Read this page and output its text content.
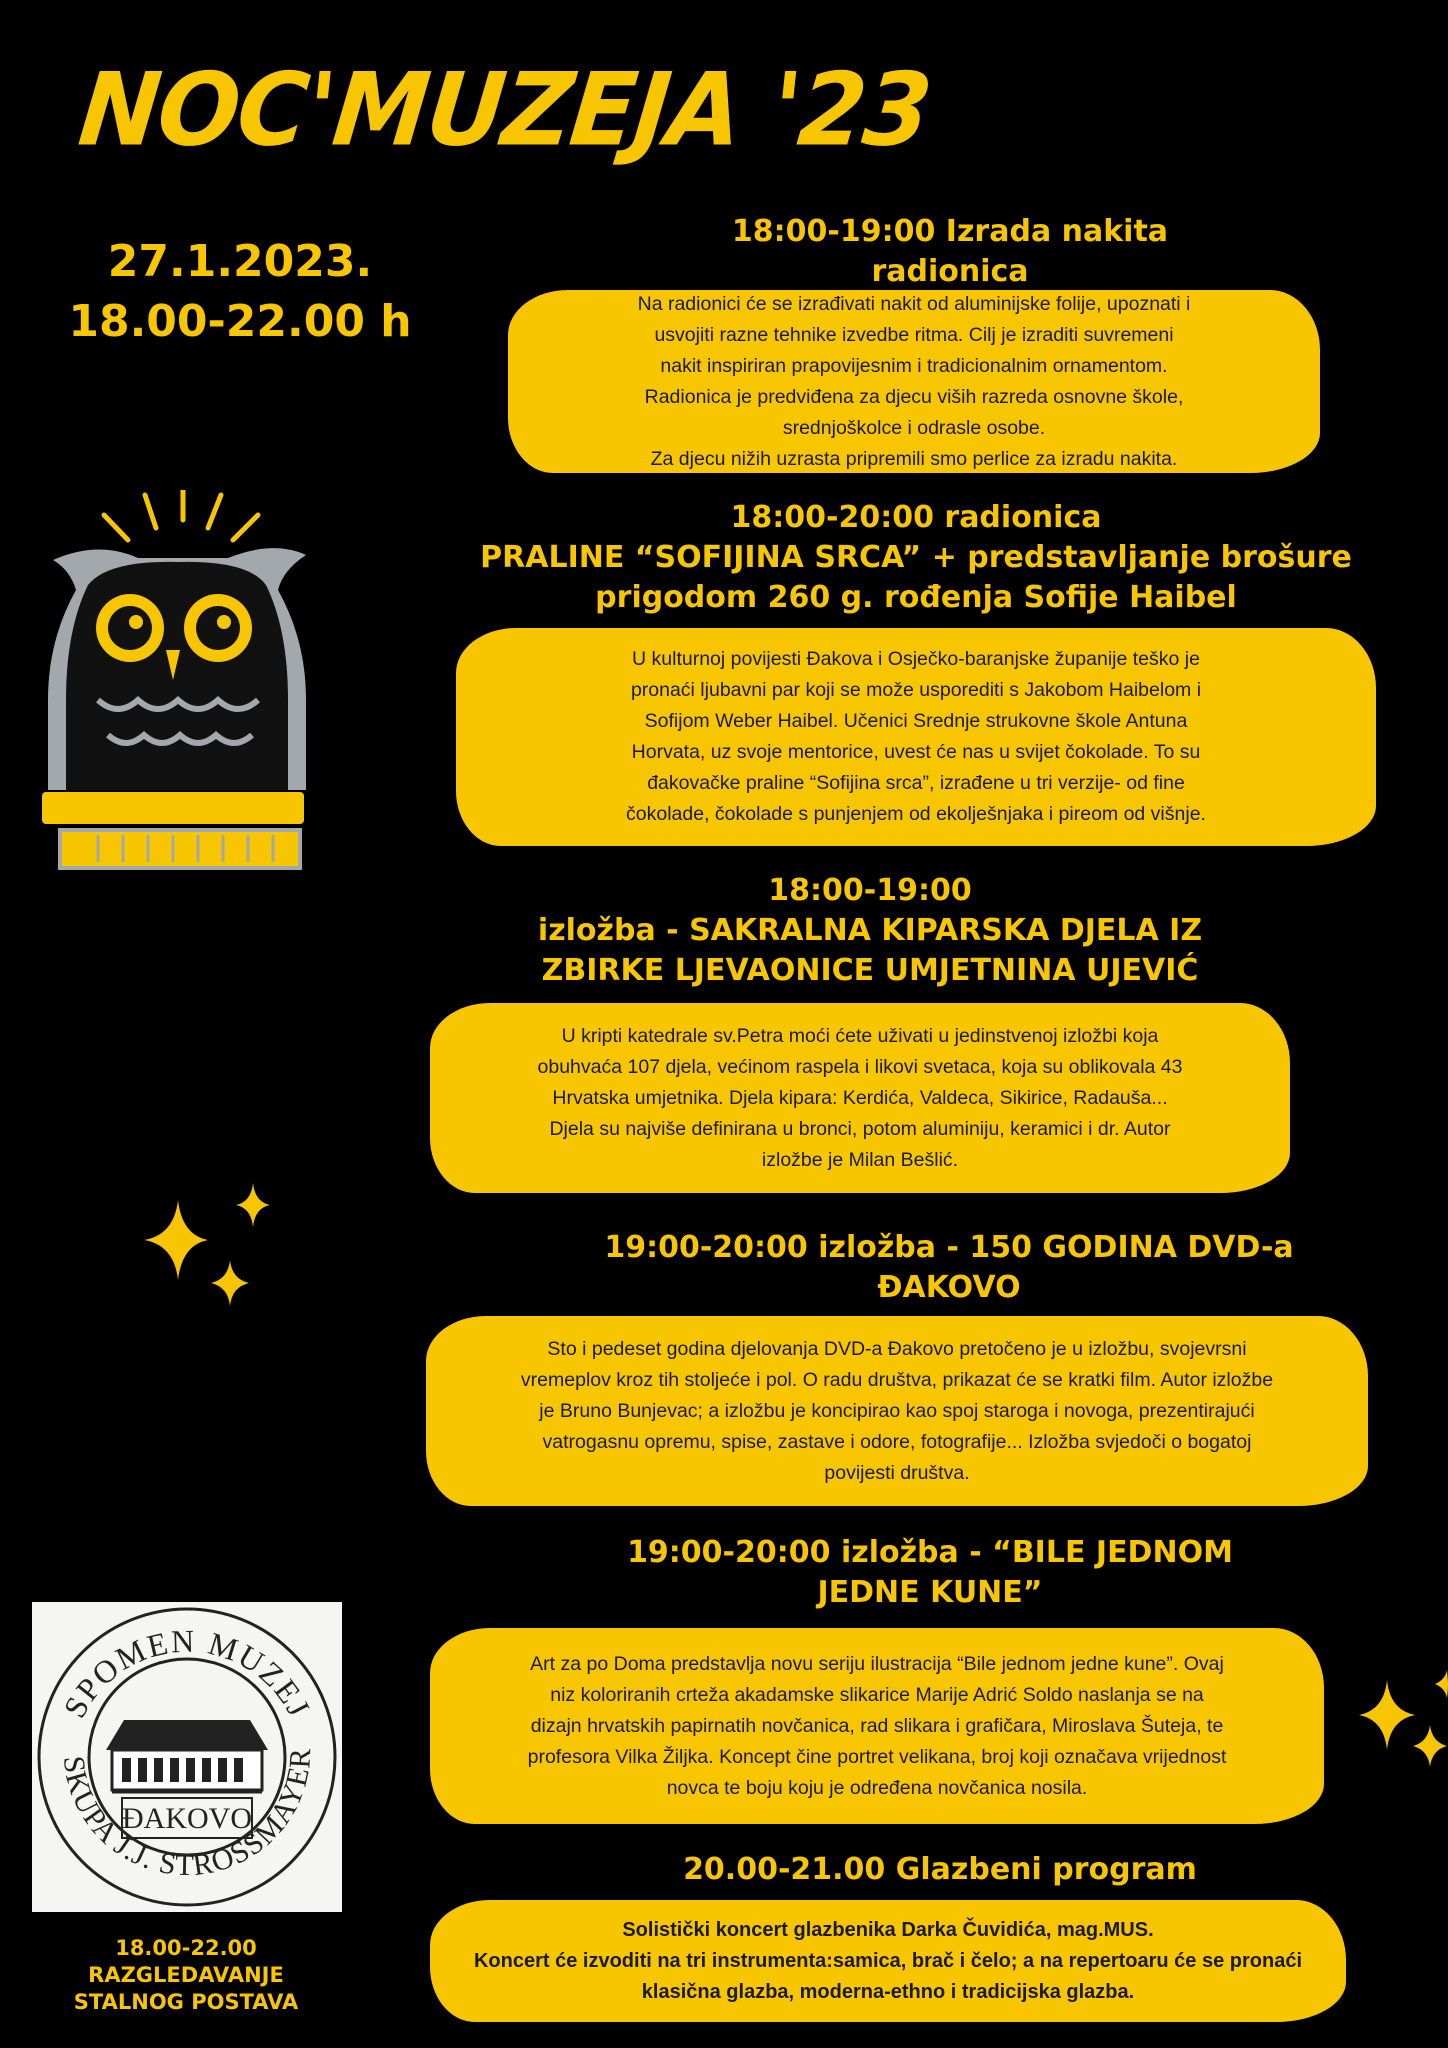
NOC'MUZEJA '23
27.1.2023.
18.00-22.00 h
18:00-19:00 Izrada nakita
radionica
Na radionici će se izrađivati nakit od aluminijske folije, upoznati i
usvojiti razne tehnike izvedbe ritma. Cilj je izraditi suvremeni
nakit inspiriran prapovijesnim i tradicionalnim ornamentom.
Radionica je predviđena za djecu viših razreda osnovne škole,
srednjoškolce i odrasle osobe.
Za djecu nižih uzrasta pripremili smo perlice za izradu nakita.
18:00-20:00 radionica
PRALINE “SOFIJINA SRCA” + predstavljanje brošure
prigodom 260 g. rođenja Sofije Haibel
U kulturnoj povijesti Đakova i Osječko-baranjske županije teško je
pronaći ljubavni par koji se može usporediti s Jakobom Haibelom i
Sofijom Weber Haibel. Učenici Srednje strukovne škole Antuna
Horvata, uz svoje mentorice, uvest će nas u svijet čokolade. To su
đakovačke praline “Sofijina srca”, izrađene u tri verzije- od fine
čokolade, čokolade s punjenjem od ekolješnjaka i pireom od višnje.
18:00-19:00
izložba - SAKRALNA KIPARSKA DJELA IZ
ZBIRKE LJEVAONICE UMJETNINA UJEVIĆ
U kripti katedrale sv.Petra moći ćete uživati u jedinstvenoj izložbi koja
obuhvaća 107 djela, većinom raspela i likovi svetaca, koja su oblikovala 43
Hrvatska umjetnika. Djela kipara: Kerdića, Valdeca, Sikirice, Radauša...
Djela su najviše definirana u bronci, potom aluminiju, keramici i dr. Autor
izložbe je Milan Bešlić.
19:00-20:00 izložba - 150 GODINA DVD-a
ĐAKOVO
Sto i pedeset godina djelovanja DVD-a Đakovo pretočeno je u izložbu, svojevrsni
vremeplov kroz tih stoljeće i pol. O radu društva, prikazat će se kratki film. Autor izložbe
je Bruno Bunjevac; a izložbu je koncipirao kao spoj staroga i novoga, prezentirajući
vatrogasnu opremu, spise, zastave i odore, fotografije... Izložba svjedoči o bogatoj
povijesti društva.
19:00-20:00 izložba - “BILE JEDNOM
JEDNE KUNE”
Art za po Doma predstavlja novu seriju ilustracija “Bile jednom jedne kune”. Ovaj
niz koloriranih crteža akadamske slikarice Marije Adrić Soldo naslanja se na
dizajn hrvatskih papirnatih novčanica, rad slikara i grafičara, Miroslava Šuteja, te
profesora Vilka Žiljka. Koncept čine portret velikana, broj koji označava vrijednost
novca te boju koju je određena novčanica nosila.
20.00-21.00 Glazbeni program
Solistički koncert glazbenika Darka Čuvidića, mag.MUS.
Koncert će izvoditi na tri instrumenta:samica, brač i čelo; a na repertoaru će se pronaći
klasična glazba, moderna-ethno i tradicijska glazba.
SPOMEN MUZEJ
SKUPA J.J. STROSSMAYER
ĐAKOVO
18.00-22.00
RAZGLEDAVANJE
STALNOG POSTAVA
